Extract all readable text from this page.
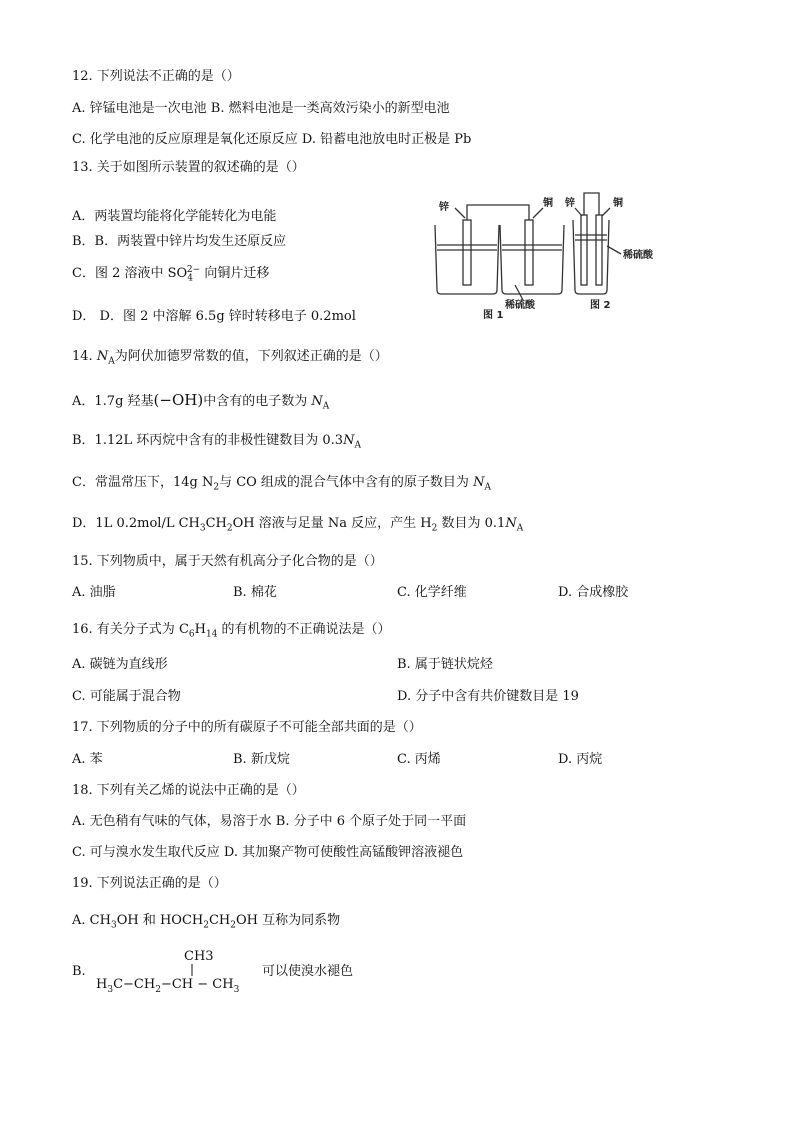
12. 下列说法不正确的是（）
A. 锌锰电池是一次电池 B. 燃料电池是一类高效污染小的新型电池
C. 化学电池的反应原理是氧化还原反应 D. 铅蓄电池放电时正极是 Pb
13. 关于如图所示装置的叙述确的是（）
A．两装置均能将化学能转化为电能
B．B．两装置中锌片均发生还原反应
C．图 2 溶液中 $SO_4^{2-}$ 向铜片迁移
D． D．图 2 中溶解 6.5g 锌时转移电子 0.2mol
锌	铜
稀硫酸
图 1
锌	铜
稀硫酸
图 2
14. $N_A$为阿伏加德罗常数的值，下列叙述正确的是（）
A．1.7g 羟基(−OH)中含有的电子数为 $N_A$
B．1.12L 环丙烷中含有的非极性键数目为 $0.3N_A$
C．常温常压下，14g $N_2$与 CO 组成的混合气体中含有的原子数目为 $N_A$
D．1L 0.2mol/L $CH_3CH_2OH$ 溶液与足量 Na 反应，产生 $H_2$ 数目为 $0.1N_A$
15. 下列物质中，属于天然有机高分子化合物的是（）
A. 油脂	B. 棉花	C. 化学纤维	D. 合成橡胶
16. 有关分子式为 $C_6H_{14}$ 的有机物的不正确说法是（）
A. 碳链为直线形	B. 属于链状烷烃
C. 可能属于混合物	D. 分子中含有共价键数目是 19
17. 下列物质的分子中的所有碳原子不可能全部共面的是（）
A. 苯	B. 新戊烷	C. 丙烯	D. 丙烷
18. 下列有关乙烯的说法中正确的是（）
A. 无色稍有气味的气体，易溶于水 B. 分子中 6 个原子处于同一平面
C. 可与溴水发生取代反应 D. 其加聚产物可使酸性高锰酸钾溶液褪色
19. 下列说法正确的是（）
A. $CH_3OH$ 和 $HOCH_2CH_2OH$ 互称为同系物
B.
CH3
$H_3C-CH_2-CH - CH_3$
可以使溴水褪色
